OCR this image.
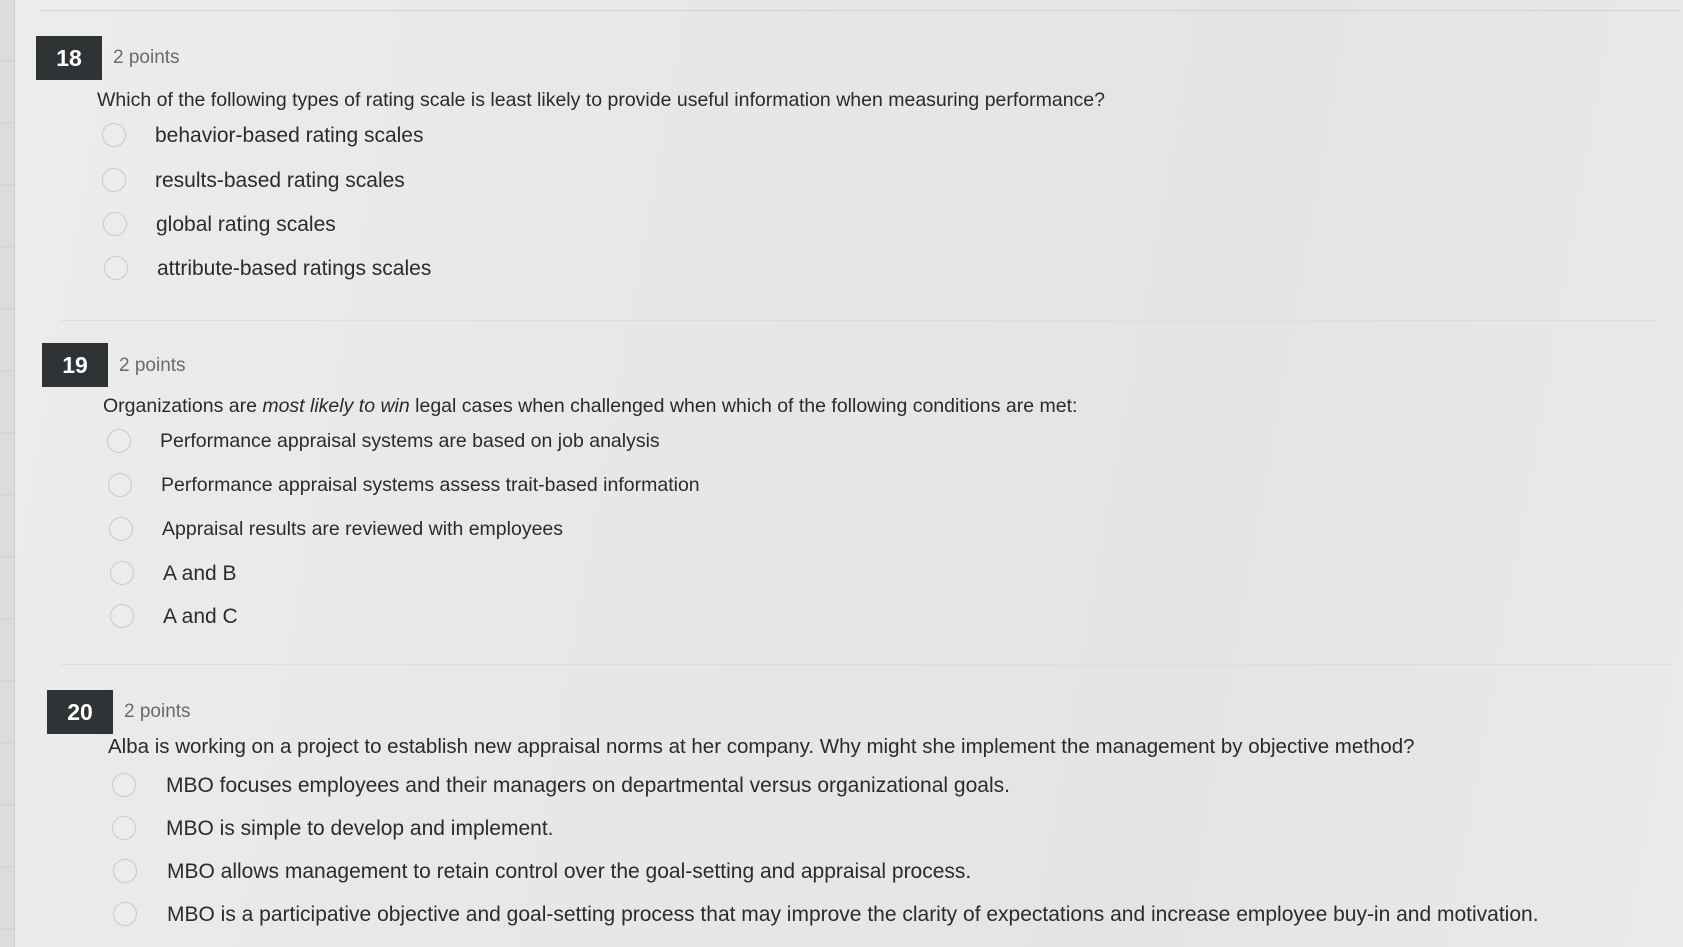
18	2 points
Which of the following types of rating scale is least likely to provide useful information when measuring performance?
behavior-based rating scales
results-based rating scales
global rating scales
attribute-based ratings scales
19	2 points
Organizations are most likely to win legal cases when challenged when which of the following conditions are met:
Performance appraisal systems are based on job analysis
Performance appraisal systems assess trait-based information
Appraisal results are reviewed with employees
A and B
A and C
20	2 points
Alba is working on a project to establish new appraisal norms at her company. Why might she implement the management by objective method?
MBO focuses employees and their managers on departmental versus organizational goals.
MBO is simple to develop and implement.
MBO allows management to retain control over the goal-setting and appraisal process.
MBO is a participative objective and goal-setting process that may improve the clarity of expectations and increase employee buy-in and motivation.
